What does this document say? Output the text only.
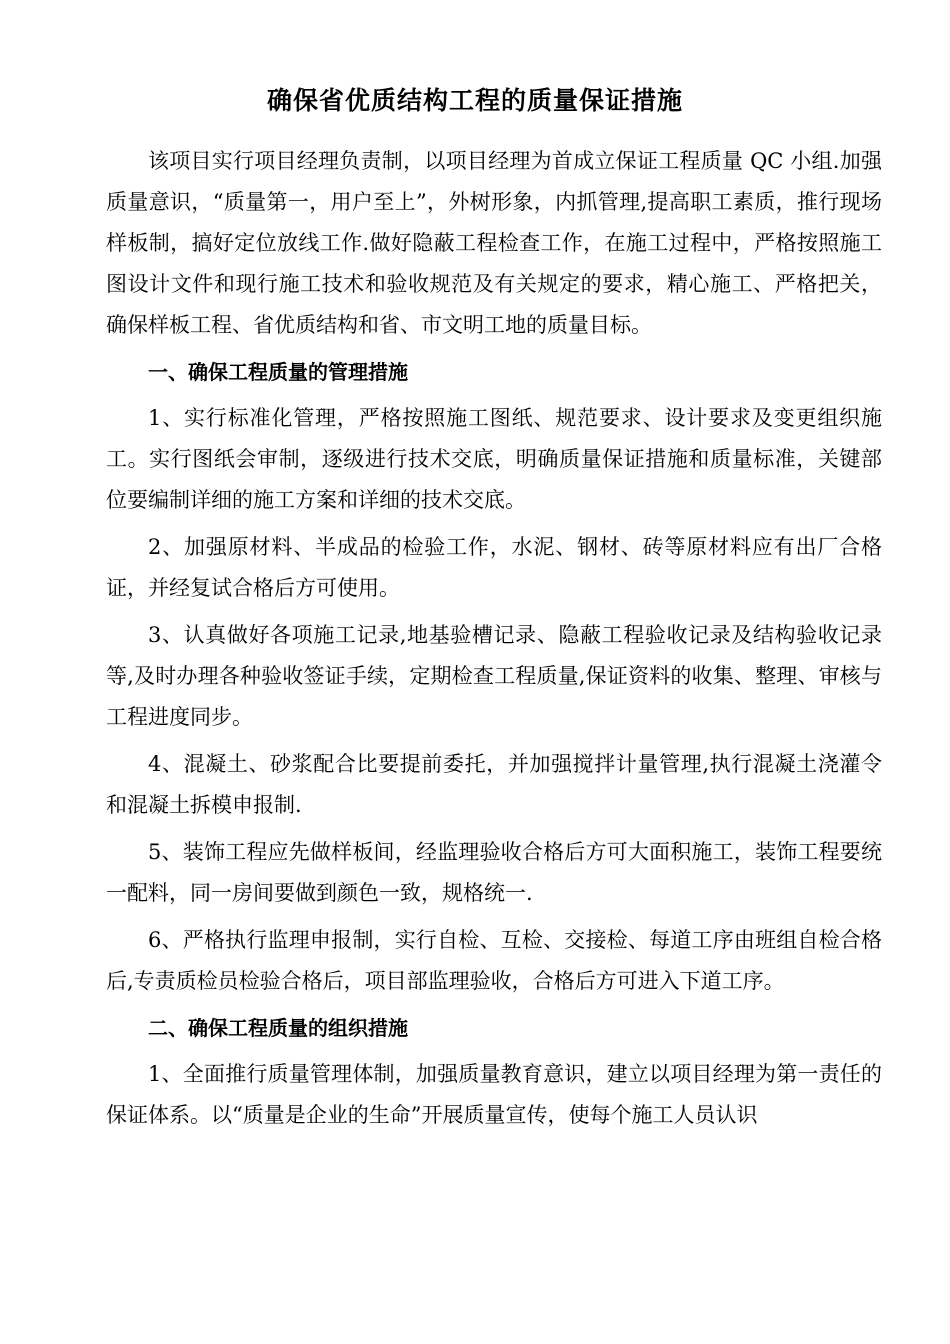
确保省优质结构工程的质量保证措施

该项目实行项目经理负责制，以项目经理为首成立保证工程质量 QC 小组.加强质量意识，“质量第一，用户至上”，外树形象，内抓管理,提高职工素质，推行现场样板制，搞好定位放线工作.做好隐蔽工程检查工作，在施工过程中，严格按照施工图设计文件和现行施工技术和验收规范及有关规定的要求，精心施工、严格把关，确保样板工程、省优质结构和省、市文明工地的质量目标。

一、确保工程质量的管理措施

1、实行标准化管理，严格按照施工图纸、规范要求、设计要求及变更组织施工。实行图纸会审制，逐级进行技术交底，明确质量保证措施和质量标准，关键部位要编制详细的施工方案和详细的技术交底。

2、加强原材料、半成品的检验工作，水泥、钢材、砖等原材料应有出厂合格证，并经复试合格后方可使用。

3、认真做好各项施工记录,地基验槽记录、隐蔽工程验收记录及结构验收记录等,及时办理各种验收签证手续，定期检查工程质量,保证资料的收集、整理、审核与工程进度同步。

4、混凝土、砂浆配合比要提前委托，并加强搅拌计量管理,执行混凝土浇灌令和混凝土拆模申报制.

5、装饰工程应先做样板间，经监理验收合格后方可大面积施工，装饰工程要统一配料，同一房间要做到颜色一致，规格统一.

6、严格执行监理申报制，实行自检、互检、交接检、每道工序由班组自检合格后,专责质检员检验合格后，项目部监理验收，合格后方可进入下道工序。

二、确保工程质量的组织措施

1、全面推行质量管理体制，加强质量教育意识，建立以项目经理为第一责任的保证体系。以“质量是企业的生命”开展质量宣传，使每个施工人员认识
